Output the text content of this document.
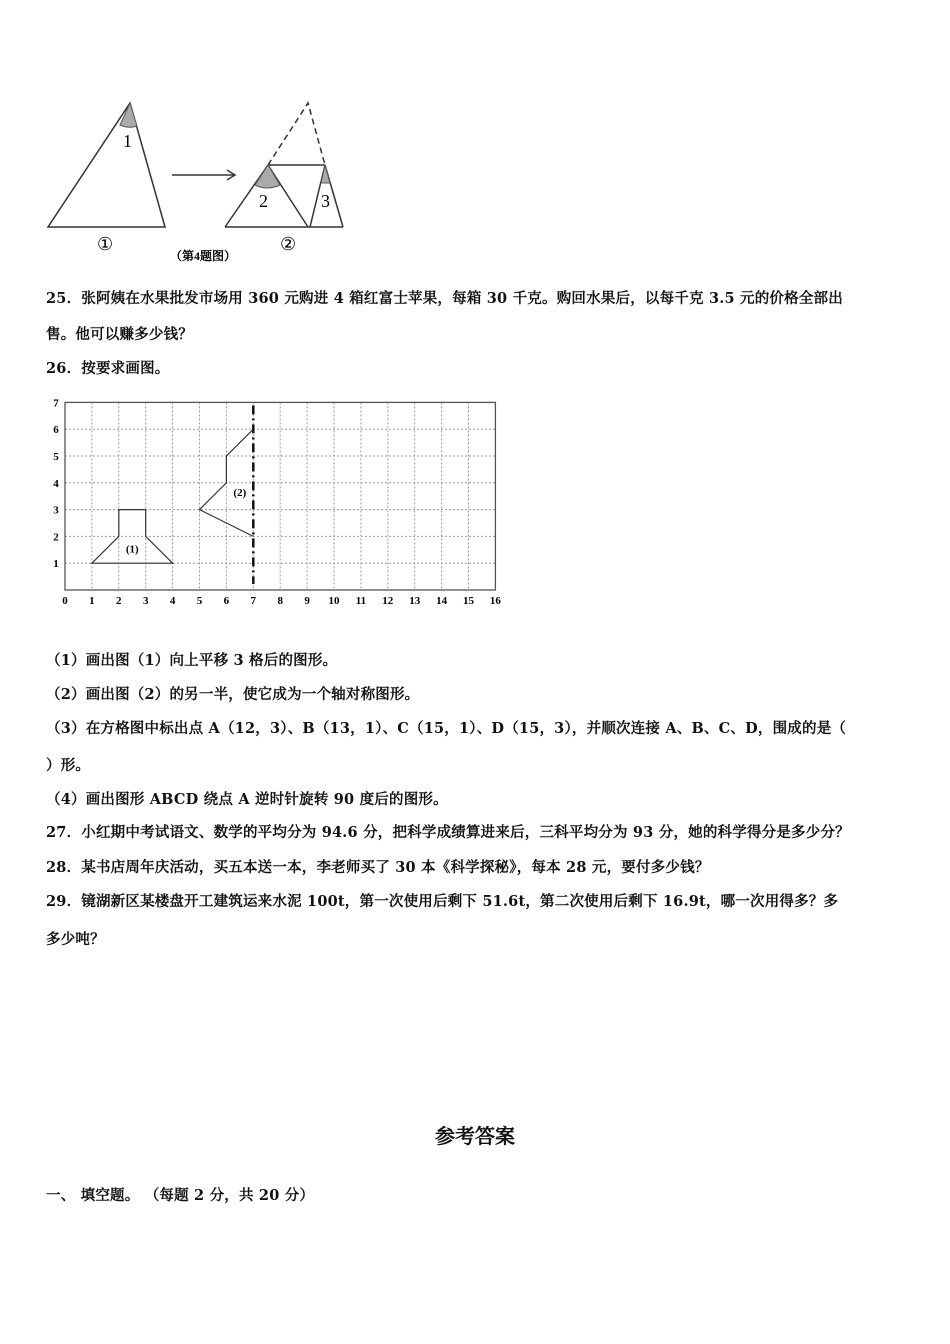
1
①
2	3
②
（第4题图）
25．张阿姨在水果批发市场用 360 元购进 4 箱红富士苹果，每箱 30 千克。购回水果后，以每千克 3.5 元的价格全部出
售。他可以赚多少钱？
26．按要求画图。
0 1 2 3 4 5 6 7 8 9 10 11 12 13 14 15 16
1
2
3
4
5
6
7
(1)
(2)
（1）画出图（1）向上平移 3 格后的图形。
（2）画出图（2）的另一半，使它成为一个轴对称图形。
（3）在方格图中标出点 A（12，3）、B（13，1）、C（15，1）、D（15，3），并顺次连接 A、B、C、D，围成的是（
）形。
（4）画出图形 ABCD 绕点 A 逆时针旋转 90 度后的图形。
27．小红期中考试语文、数学的平均分为 94.6 分，把科学成绩算进来后，三科平均分为 93 分，她的科学得分是多少分？
28．某书店周年庆活动，买五本送一本，李老师买了 30 本《科学探秘》，每本 28 元，要付多少钱？
29．镜湖新区某楼盘开工建筑运来水泥 100t，第一次使用后剩下 51.6t，第二次使用后剩下 16.9t，哪一次用得多？多
多少吨？
参考答案
一、 填空题。 （每题 2 分，共 20 分）
